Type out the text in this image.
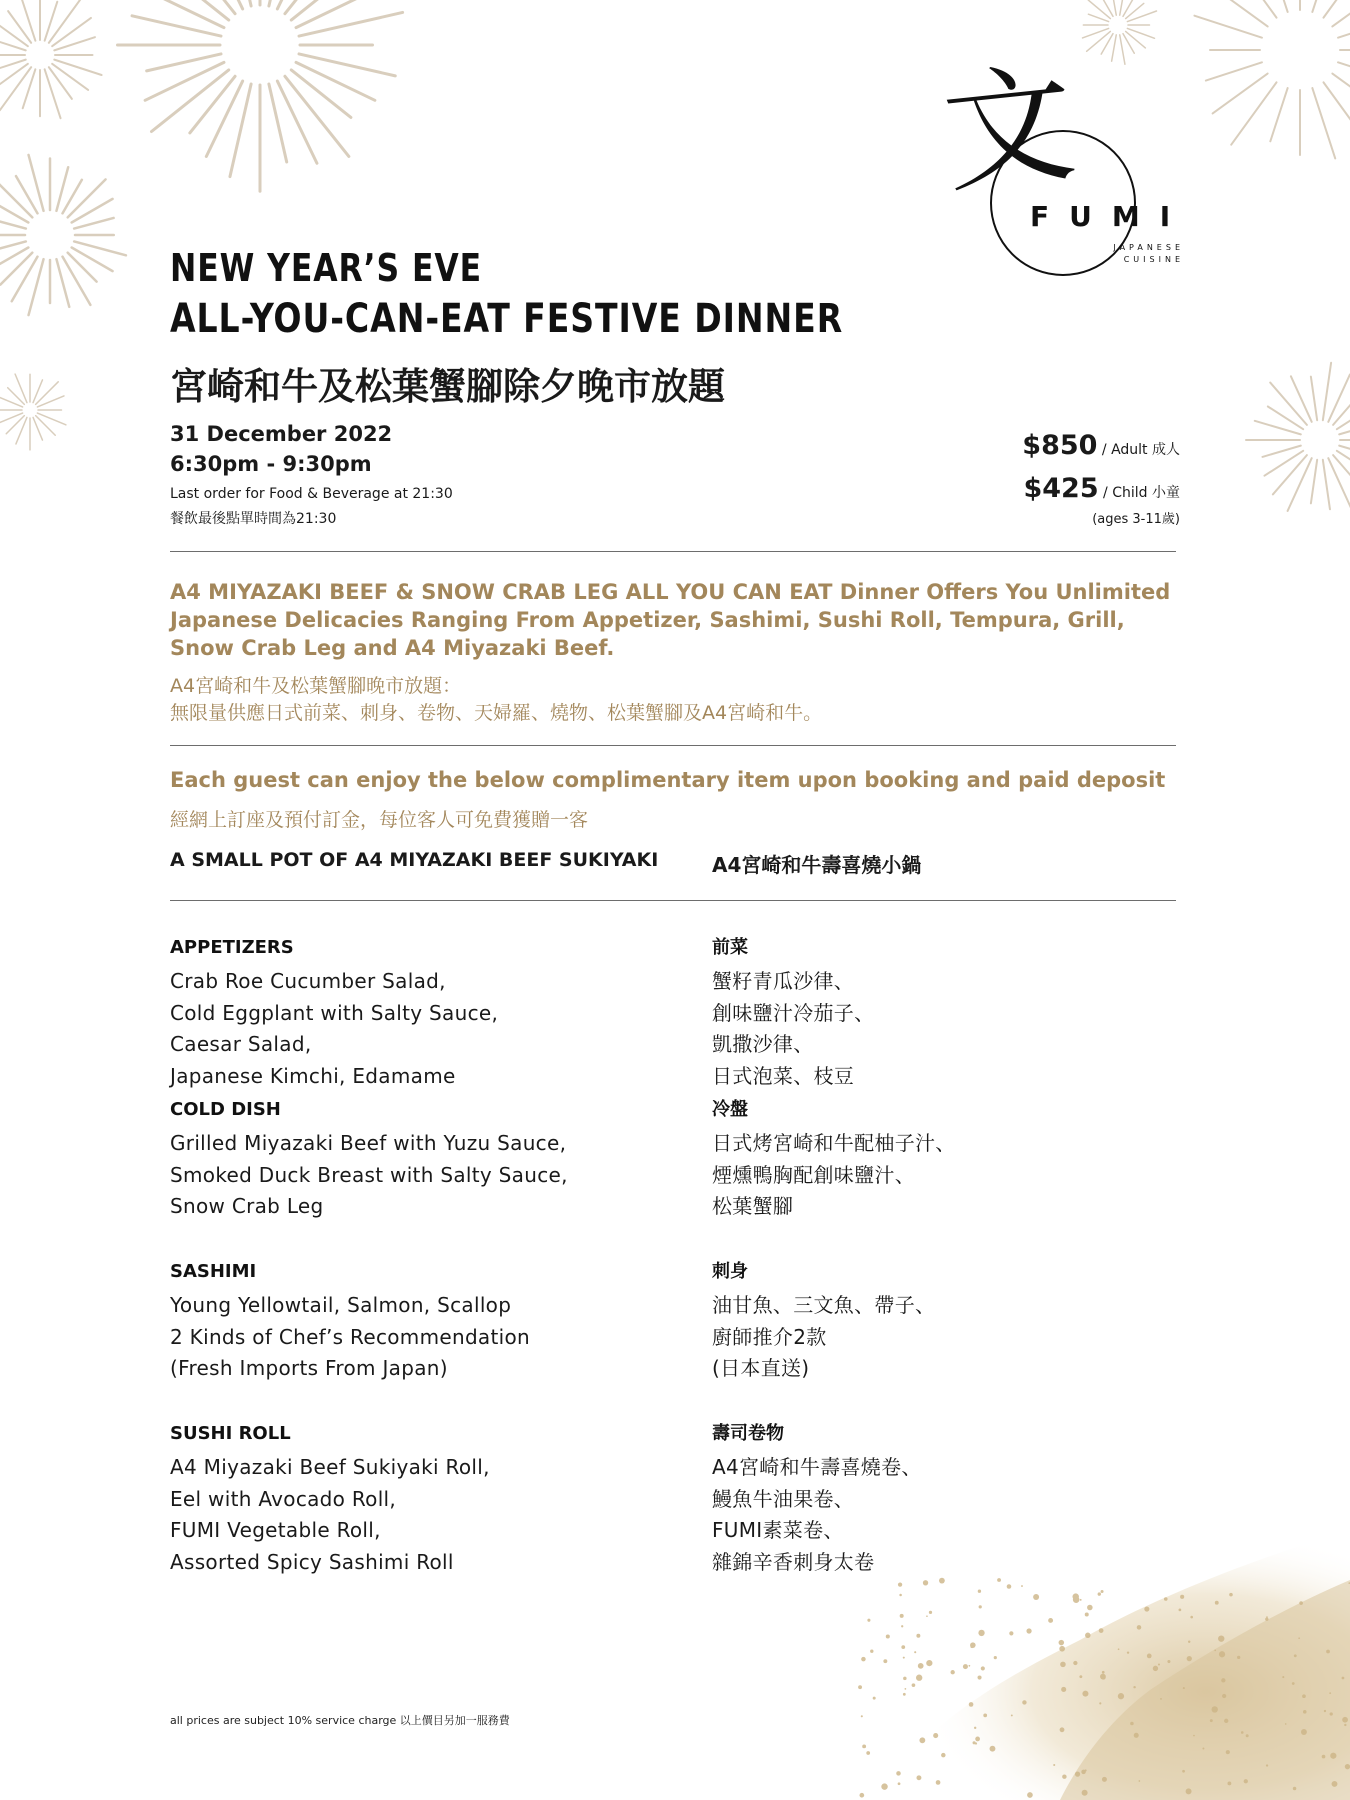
文
FUMI
JAPANESE
CUISINE
NEW YEAR’S EVE
ALL-YOU-CAN-EAT FESTIVE DINNER
宮崎和牛及松葉蟹腳除夕晚市放題
31 December 2022
6:30pm - 9:30pm
Last order for Food & Beverage at 21:30
餐飲最後點單時間為21:30
$850 / Adult 成人
$425 / Child 小童
(ages 3-11歲)
A4 MIYAZAKI BEEF & SNOW CRAB LEG ALL YOU CAN EAT Dinner Offers You Unlimited Japanese Delicacies Ranging From Appetizer, Sashimi, Sushi Roll, Tempura, Grill, Snow Crab Leg and A4 Miyazaki Beef.
A4宮崎和牛及松葉蟹腳晚市放題：
無限量供應日式前菜、刺身、卷物、天婦羅、燒物、松葉蟹腳及A4宮崎和牛。
Each guest can enjoy the below complimentary item upon booking and paid deposit
經網上訂座及預付訂金，每位客人可免費獲贈一客
A SMALL POT OF A4 MIYAZAKI BEEF SUKIYAKI	A4宮崎和牛壽喜燒小鍋
APPETIZERS
Crab Roe Cucumber Salad,
Cold Eggplant with Salty Sauce,
Caesar Salad,
Japanese Kimchi, Edamame
COLD DISH
Grilled Miyazaki Beef with Yuzu Sauce,
Smoked Duck Breast with Salty Sauce,
Snow Crab Leg
SASHIMI
Young Yellowtail, Salmon, Scallop
2 Kinds of Chef’s Recommendation
(Fresh Imports From Japan)
SUSHI ROLL
A4 Miyazaki Beef Sukiyaki Roll,
Eel with Avocado Roll,
FUMI Vegetable Roll,
Assorted Spicy Sashimi Roll
前菜
蟹籽青瓜沙律、
創味鹽汁冷茄子、
凱撒沙律、
日式泡菜、枝豆
冷盤
日式烤宮崎和牛配柚子汁、
煙燻鴨胸配創味鹽汁、
松葉蟹腳
刺身
油甘魚、三文魚、帶子、
廚師推介2款
(日本直送)
壽司卷物
A4宮崎和牛壽喜燒卷、
鰻魚牛油果卷、
FUMI素菜卷、
雜錦辛香刺身太卷
all prices are subject 10% service charge 以上價目另加一服務費
